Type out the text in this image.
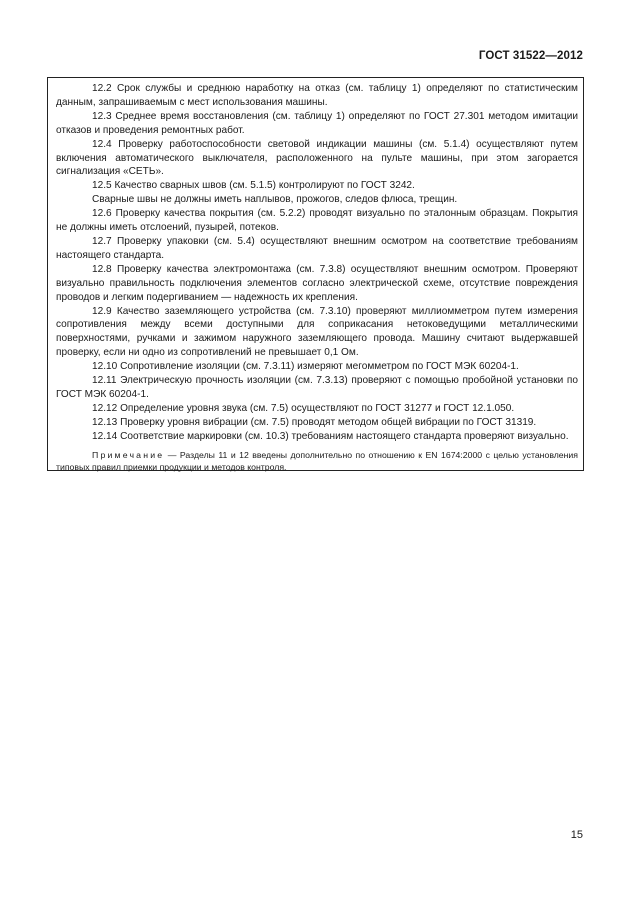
ГОСТ 31522—2012

12.2 Срок службы и среднюю наработку на отказ (см. таблицу 1) определяют по статистическим данным, запрашиваемым с мест использования машины.

12.3 Среднее время восстановления (см. таблицу 1) определяют по ГОСТ 27.301 методом имитации отказов и проведения ремонтных работ.

12.4 Проверку работоспособности световой индикации машины (см. 5.1.4) осуществляют путем включения автоматического выключателя, расположенного на пульте машины, при этом загорается сигнализация «СЕТЬ».

12.5 Качество сварных швов (см. 5.1.5) контролируют по ГОСТ 3242.

Сварные швы не должны иметь наплывов, прожогов, следов флюса, трещин.

12.6 Проверку качества покрытия (см. 5.2.2) проводят визуально по эталонным образцам. Покрытия не должны иметь отслоений, пузырей, потеков.

12.7 Проверку упаковки (см. 5.4) осуществляют внешним осмотром на соответствие требованиям настоящего стандарта.

12.8 Проверку качества электромонтажа (см. 7.3.8) осуществляют внешним осмотром. Проверяют визуально правильность подключения элементов согласно электрической схеме, отсутствие повреждения проводов и легким подергиванием — надежность их крепления.

12.9 Качество заземляющего устройства (см. 7.3.10) проверяют миллиомметром путем измерения сопротивления между всеми доступными для соприкасания нетоковедущими металлическими поверхностями, ручками и зажимом наружного заземляющего провода. Машину считают выдержавшей проверку, если ни одно из сопротивлений не превышает 0,1 Ом.

12.10 Сопротивление изоляции (см. 7.3.11) измеряют мегомметром по ГОСТ МЭК 60204-1.

12.11 Электрическую прочность изоляции (см. 7.3.13) проверяют с помощью пробойной установки по ГОСТ МЭК 60204-1.

12.12 Определение уровня звука (см. 7.5) осуществляют по ГОСТ 31277 и ГОСТ 12.1.050.

12.13 Проверку уровня вибрации (см. 7.5) проводят методом общей вибрации по ГОСТ 31319.

12.14 Соответствие маркировки (см. 10.3) требованиям настоящего стандарта проверяют визуально.

Примечание — Разделы 11 и 12 введены дополнительно по отношению к EN 1674:2000 с целью установления типовых правил приемки продукции и методов контроля.

15
